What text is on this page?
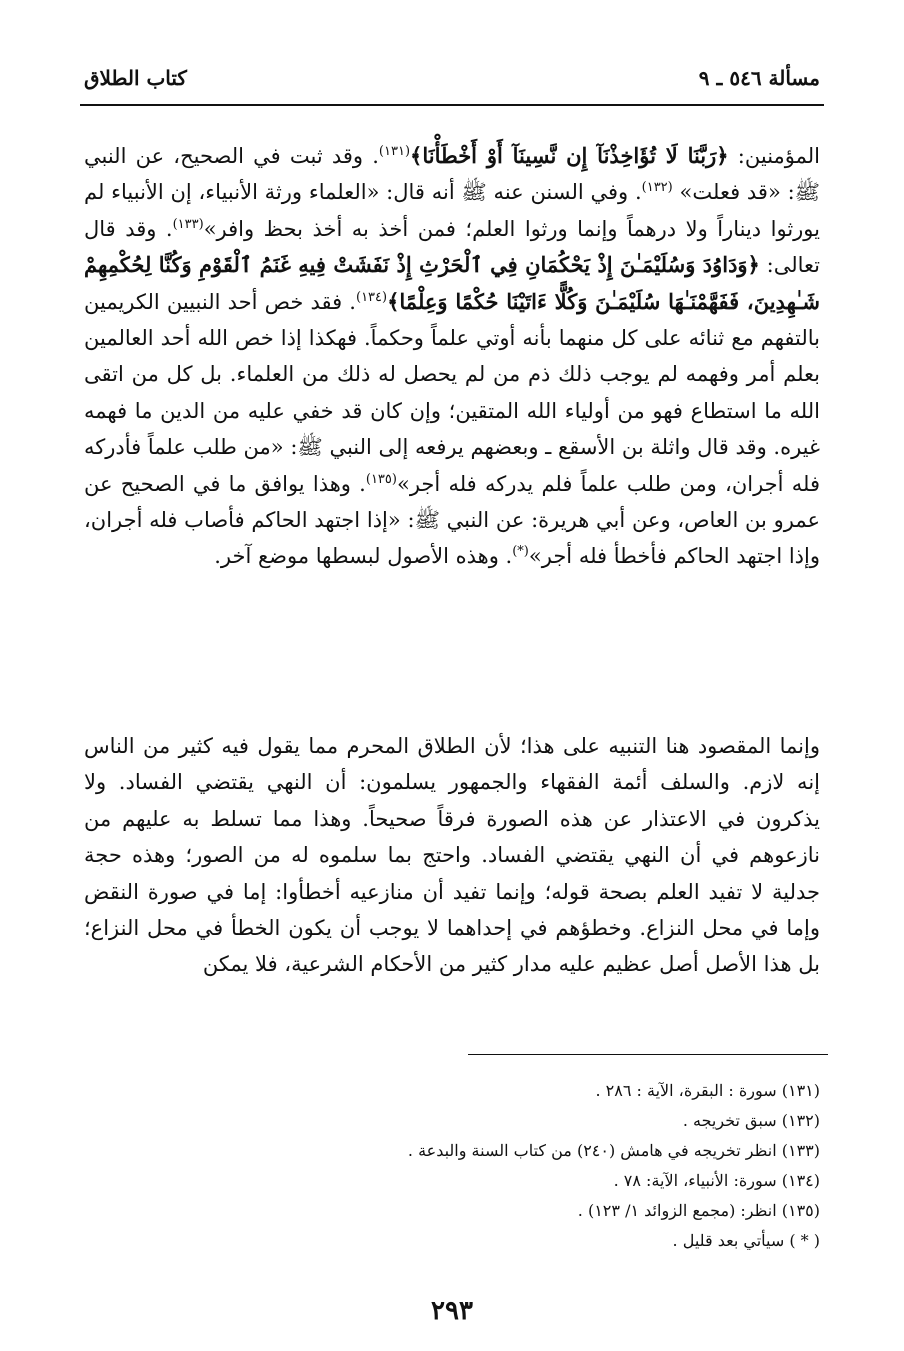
مسألة ٥٤٦ ـ ٩
كتاب الطلاق

المؤمنين: ﴿رَبَّنَا لَا تُؤَاخِذْنَآ إِن نَّسِينَآ أَوْ أَخْطَأْنَا﴾$^{(١٣١)}$. وقد ثبت في الصحيح، عن النبي ﷺ: «قد فعلت» $^{(١٣٢)}$. وفي السنن عنه ﷺ أنه قال: «العلماء ورثة الأنبياء، إن الأنبياء لم يورثوا ديناراً ولا درهماً وإنما ورثوا العلم؛ فمن أخذ به أخذ بحظ وافر»$^{(١٣٣)}$. وقد قال تعالى: ﴿وَدَاوُدَ وَسُلَيْمَـٰنَ إِذْ يَحْكُمَانِ فِي ٱلْحَرْثِ إِذْ نَفَشَتْ فِيهِ غَنَمُ ٱلْقَوْمِ وَكُنَّا لِحُكْمِهِمْ شَـٰهِدِينَ، فَفَهَّمْنَـٰهَا سُلَيْمَـٰنَ وَكُلًّا ءَاتَيْنَا حُكْمًا وَعِلْمًا﴾$^{(١٣٤)}$. فقد خص أحد النبيين الكريمين بالتفهم مع ثنائه على كل منهما بأنه أوتي علماً وحكماً. فهكذا إذا خص الله أحد العالمين بعلم أمر وفهمه لم يوجب ذلك ذم من لم يحصل له ذلك من العلماء. بل كل من اتقى الله ما استطاع فهو من أولياء الله المتقين؛ وإن كان قد خفي عليه من الدين ما فهمه غيره. وقد قال واثلة بن الأسقع ـ وبعضهم يرفعه إلى النبي ﷺ: «من طلب علماً فأدركه فله أجران، ومن طلب علماً فلم يدركه فله أجر»$^{(١٣٥)}$. وهذا يوافق ما في الصحيح عن عمرو بن العاص، وعن أبي هريرة: عن النبي ﷺ: «إذا اجتهد الحاكم فأصاب فله أجران، وإذا اجتهد الحاكم فأخطأ فله أجر»(*). وهذه الأصول لبسطها موضع آخر.

وإنما المقصود هنا التنبيه على هذا؛ لأن الطلاق المحرم مما يقول فيه كثير من الناس إنه لازم. والسلف أئمة الفقهاء والجمهور يسلمون: أن النهي يقتضي الفساد. ولا يذكرون في الاعتذار عن هذه الصورة فرقاً صحيحاً. وهذا مما تسلط به عليهم من نازعوهم في أن النهي يقتضي الفساد. واحتج بما سلموه له من الصور؛ وهذه حجة جدلية لا تفيد العلم بصحة قوله؛ وإنما تفيد أن منازعيه أخطأوا: إما في صورة النقض وإما في محل النزاع. وخطؤهم في إحداهما لا يوجب أن يكون الخطأ في محل النزاع؛ بل هذا الأصل أصل عظيم عليه مدار كثير من الأحكام الشرعية، فلا يمكن

(١٣١) سورة : البقرة، الآية : ٢٨٦ .
(١٣٢) سبق تخريجه .
(١٣٣) انظر تخريجه في هامش (٢٤٠) من كتاب السنة والبدعة .
(١٣٤) سورة: الأنبياء، الآية: ٧٨ .
(١٣٥) انظر: (مجمع الزوائد ١/ ١٢٣) .
( * ) سيأتي بعد قليل .
٢٩٣
